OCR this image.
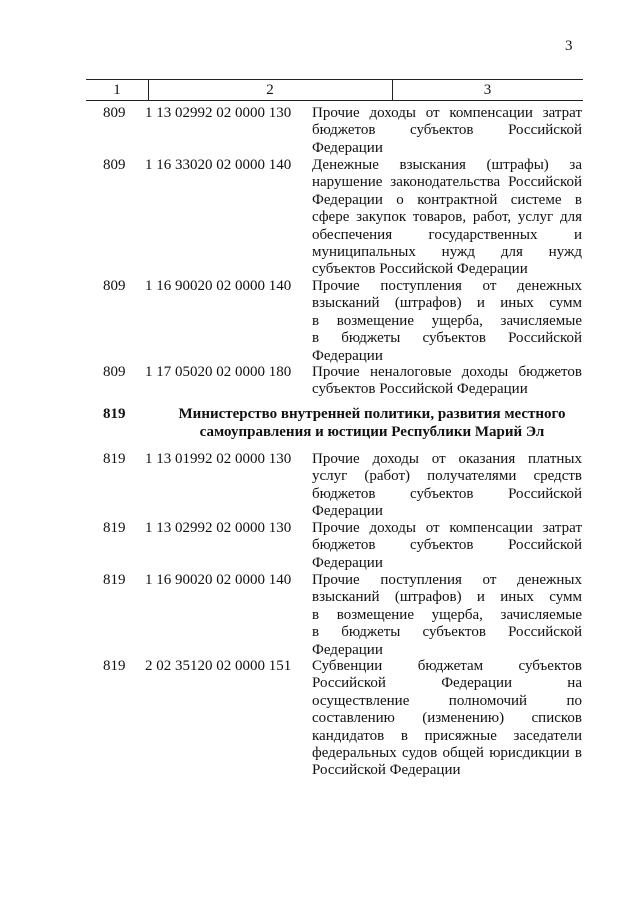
3
1	2	3
809	1 13 02992 02 0000 130 Прочие доходы от компенсации затрат
бюджетов субъектов Российской
Федерации
809	1 16 33020 02 0000 140 Денежные взыскания (штрафы) за
нарушение законодательства Российской
Федерации о контрактной системе в
сфере закупок товаров, работ, услуг для
обеспечения государственных и
муниципальных нужд для нужд
субъектов Российской Федерации
809	1 16 90020 02 0000 140 Прочие поступления от денежных
взысканий (штрафов) и иных сумм
в возмещение ущерба, зачисляемые
в бюджеты субъектов Российской
Федерации
809	1 17 05020 02 0000 180 Прочие неналоговые доходы бюджетов
субъектов Российской Федерации
819	Министерство внутренней политики, развития местного
самоуправления и юстиции Республики Марий Эл
819	1 13 01992 02 0000 130 Прочие доходы от оказания платных
услуг (работ) получателями средств
бюджетов субъектов Российской
Федерации
819	1 13 02992 02 0000 130 Прочие доходы от компенсации затрат
бюджетов субъектов Российской
Федерации
819	1 16 90020 02 0000 140 Прочие поступления от денежных
взысканий (штрафов) и иных сумм
в возмещение ущерба, зачисляемые
в бюджеты субъектов Российской
Федерации
819	2 02 35120 02 0000 151 Субвенции бюджетам субъектов
Российской Федерации на
осуществление полномочий по
составлению (изменению) списков
кандидатов в присяжные заседатели
федеральных судов общей юрисдикции в
Российской Федерации
